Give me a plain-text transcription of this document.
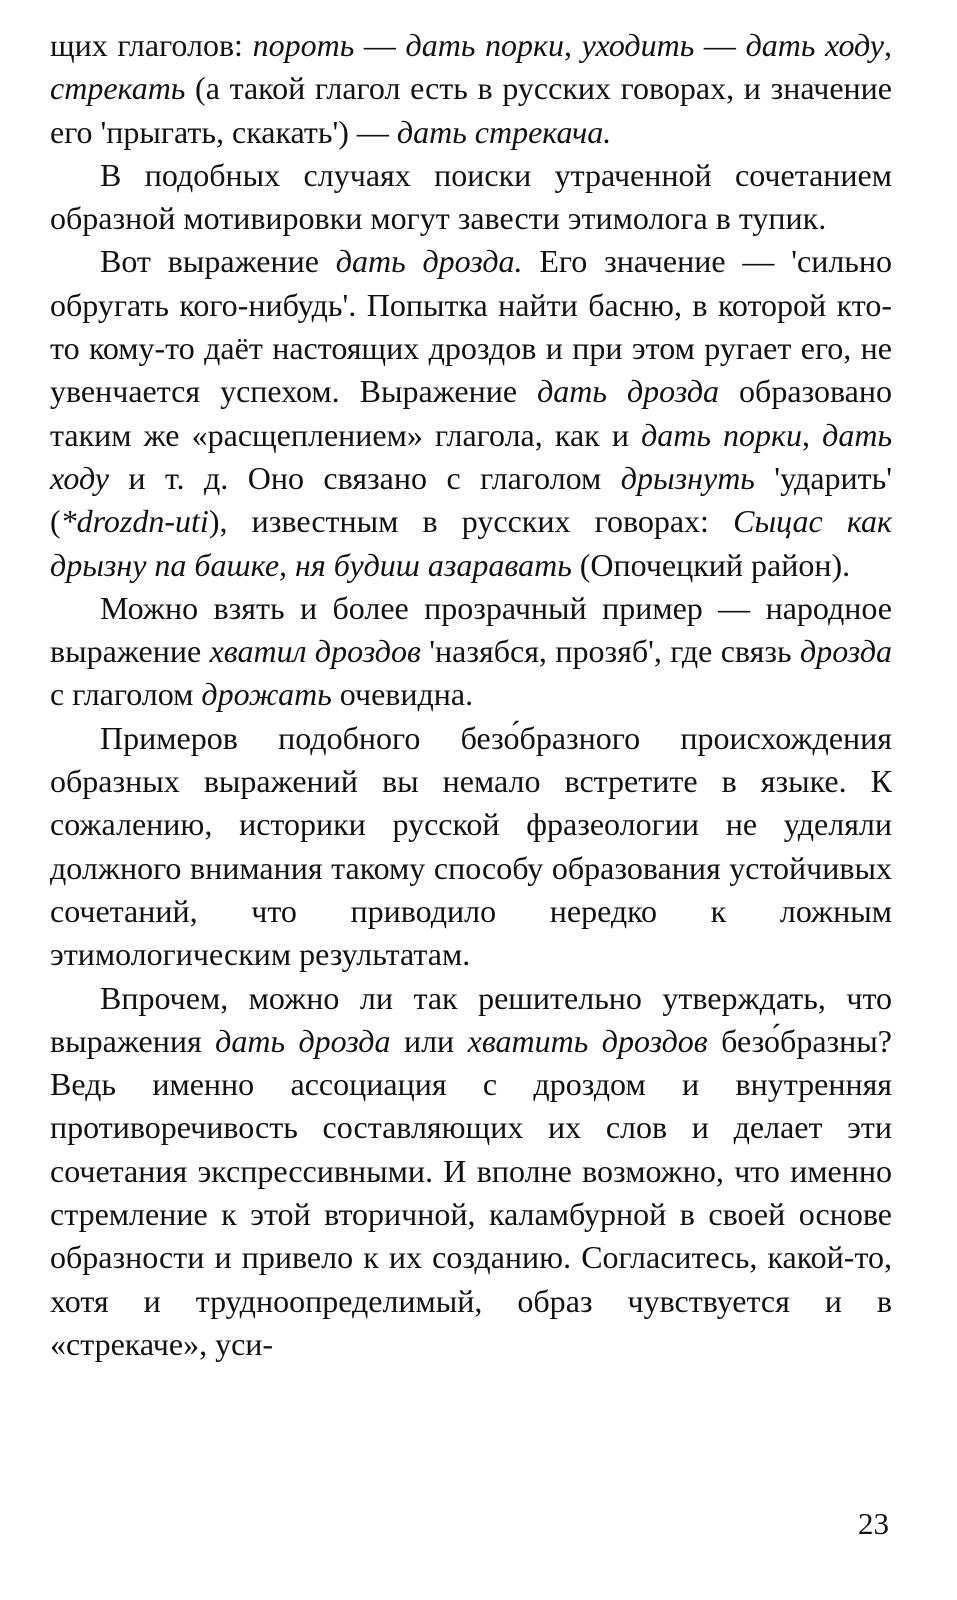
щих глаголов: пороть — дать порки, уходить — дать ходу, стрекать (а такой глагол есть в русских говорах, и значение его 'прыгать, скакать') — дать стрекача.

В подобных случаях поиски утраченной сочетанием образной мотивировки могут завести этимолога в тупик.

Вот выражение дать дрозда. Его значение — 'сильно обругать кого-нибудь'. Попытка найти басню, в которой кто-то кому-то даёт настоящих дроздов и при этом ругает его, не увенчается успехом. Выражение дать дрозда образовано таким же «расщеплением» глагола, как и дать порки, дать ходу и т. д. Оно связано с глаголом дрызнуть 'ударить' (*drozdn-uti), известным в русских говорах: Сыцас как дрызну па башке, ня будиш азаравать (Опочецкий район).

Можно взять и более прозрачный пример — народное выражение хватил дроздов 'назябся, прозяб', где связь дрозда с глаголом дрожать очевидна.

Примеров подобного безо́бразного происхождения образных выражений вы немало встретите в языке. К сожалению, историки русской фразеологии не уделяли должного внимания такому способу образования устойчивых сочетаний, что приводило нередко к ложным этимологическим результатам.

Впрочем, можно ли так решительно утверждать, что выражения дать дрозда или хватить дроздов безо́бразны? Ведь именно ассоциация с дроздом и внутренняя противоречивость составляющих их слов и делает эти сочетания экспрессивными. И вполне возможно, что именно стремление к этой вторичной, каламбурной в своей основе образности и привело к их созданию. Согласитесь, какой-то, хотя и трудноопределимый, образ чувствуется и в «стрекаче», уси-

23
